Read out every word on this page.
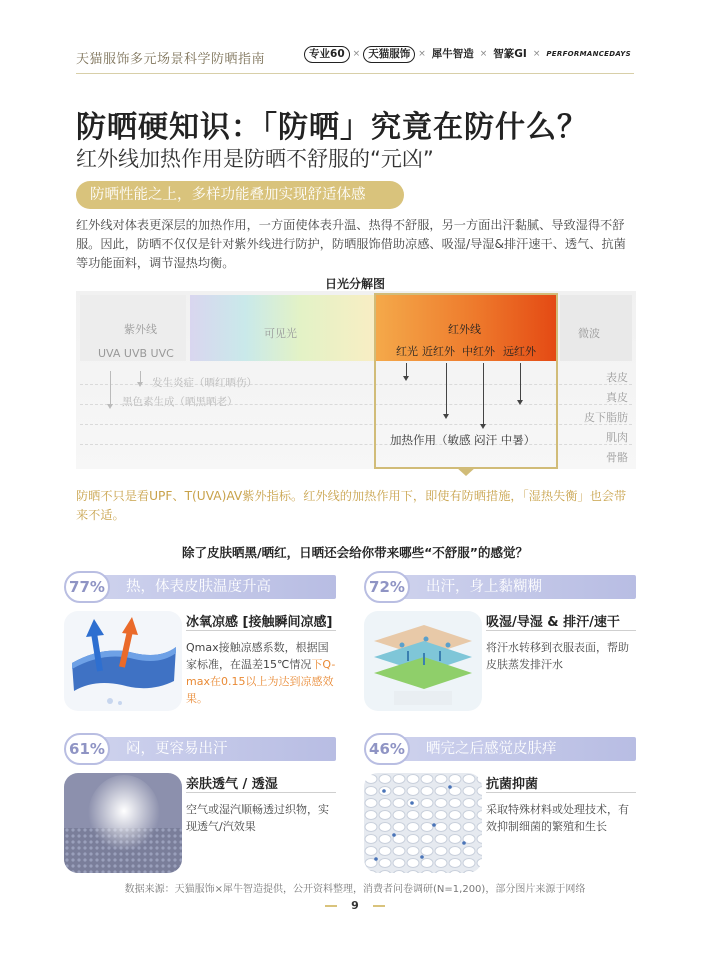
天猫服饰多元场景科学防晒指南	专业60 × 天猫服饰 × 犀牛智造 × 智篆GI × PERFORMANCEDAYS
防晒硬知识：「防晒」究竟在防什么？
红外线加热作用是防晒不舒服的“元凶”
防晒性能之上，多样功能叠加实现舒适体感

红外线对体表更深层的加热作用，一方面使体表升温、热得不舒服，另一方面出汗黏腻、导致湿得不舒服。因此，防晒不仅仅是针对紫外线进行防护，防晒服饰借助凉感、吸湿/导湿&排汗速干、透气、抗菌等功能面料，调节湿热均衡。

日光分解图
紫外线
UVA UVB UVC
可见光	红外线	微波
红光 近红外 中红外 远红外
表皮
真皮
皮下脂肪
肌肉
骨骼
发生炎症（晒红晒伤）
黑色素生成（晒黑晒老）
加热作用（敏感 闷汗 中暑）

防晒不只是看UPF、T(UVA)AV紫外指标。红外线的加热作用下，即使有防晒措施，「湿热失衡」也会带来不适。

除了皮肤晒黑/晒红，日晒还会给你带来哪些“不舒服”的感觉？
热，体表皮肤温度升高
77%
冰氧凉感 [接触瞬间凉感]
Qmax接触凉感系数，根据国家标准，在温差15℃情况下Q-max在0.15以上为达到凉感效果。
出汗，身上黏糊糊
72%
吸湿/导湿 & 排汗/速干
将汗水转移到衣服表面，帮助皮肤蒸发排汗水
闷，更容易出汗
61%
亲肤透气 / 透湿
空气或湿汽顺畅透过织物，实现透气/汽效果
晒完之后感觉皮肤痒
46%
抗菌抑菌
采取特殊材料或处理技术，有效抑制细菌的繁殖和生长
数据来源：天猫服饰×犀牛智造提供，公开资料整理，消费者问卷调研(N=1,200)，部分图片来源于网络
9
